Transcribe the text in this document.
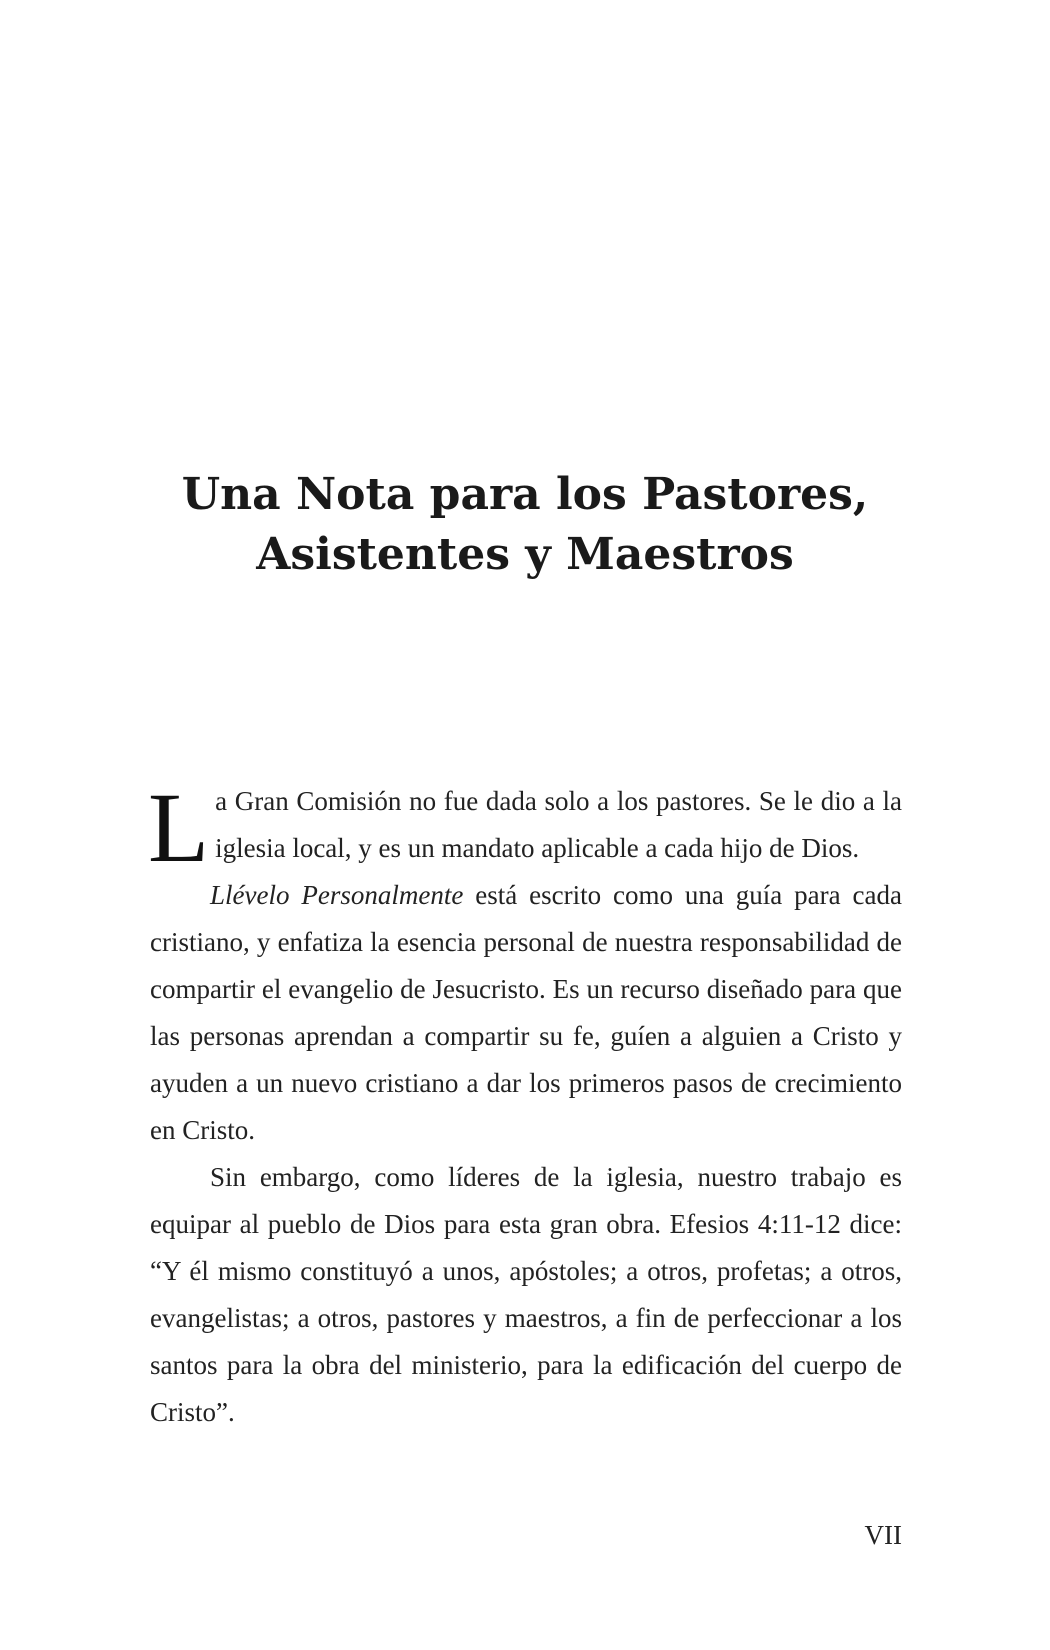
Una Nota para los Pastores,
Asistentes y Maestros

La Gran Comisión no fue dada solo a los pastores. Se le dio a la iglesia local, y es un mandato aplicable a cada hijo de Dios.

Llévelo Personalmente está escrito como una guía para cada cristiano, y enfatiza la esencia personal de nuestra responsabilidad de compartir el evangelio de Jesucristo. Es un recurso diseñado para que las personas aprendan a compartir su fe, guíen a alguien a Cristo y ayuden a un nuevo cristiano a dar los primeros pasos de crecimiento en Cristo.

Sin embargo, como líderes de la iglesia, nuestro trabajo es equipar al pueblo de Dios para esta gran obra. Efesios 4:11-12 dice: “Y él mismo constituyó a unos, apóstoles; a otros, profetas; a otros, evangelistas; a otros, pastores y maestros, a fin de perfeccionar a los santos para la obra del ministerio, para la edificación del cuerpo de Cristo”.

VII
